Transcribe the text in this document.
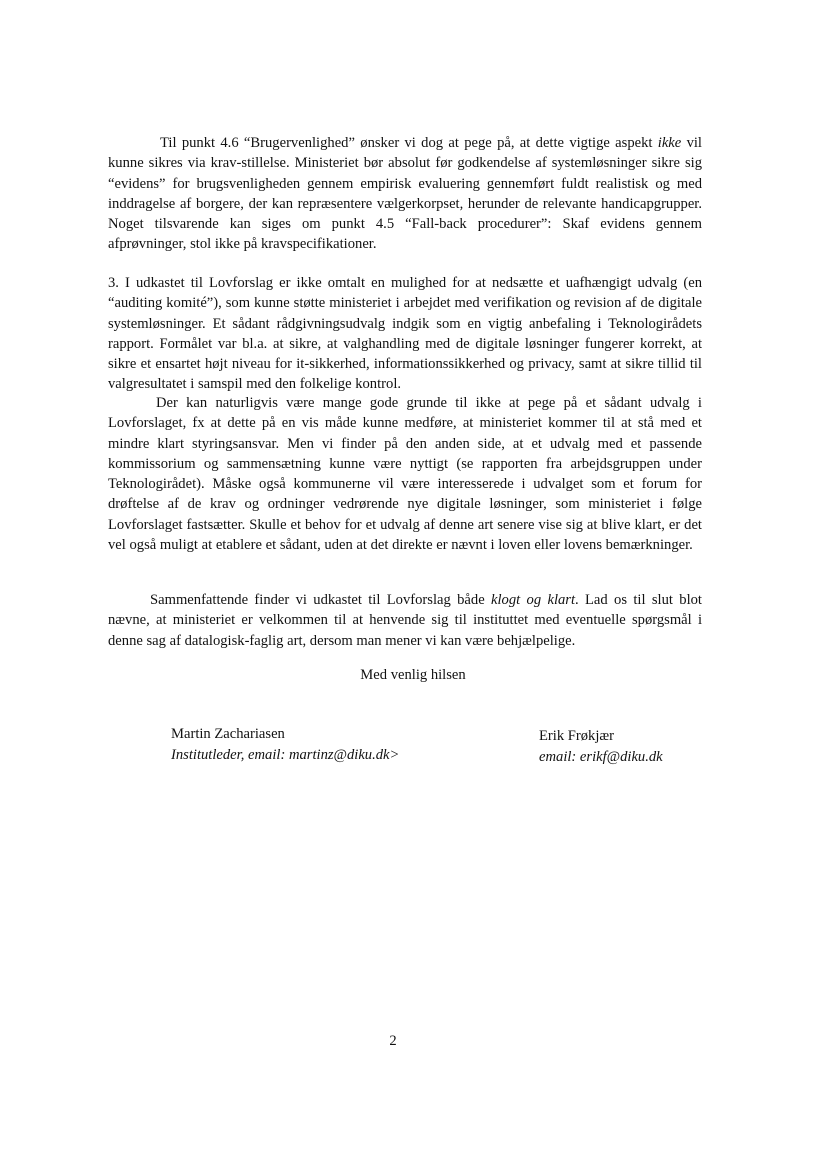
Til punkt 4.6 “Brugervenlighed” ønsker vi dog at pege på, at dette vigtige aspekt ikke vil kunne sikres via krav-stillelse. Ministeriet bør absolut før godkendelse af systemløsninger sikre sig “evidens” for brugsvenligheden gennem empirisk evaluering gennemført fuldt realistisk og med inddragelse af borgere, der kan repræsentere vælgerkorpset, herunder de relevante handicapgrupper. Noget tilsvarende kan siges om punkt 4.5 “Fall-back procedurer”: Skaf evidens gennem afprøvninger, stol ikke på kravspecifikationer.

3. I udkastet til Lovforslag er ikke omtalt en mulighed for at nedsætte et uafhængigt udvalg (en “auditing komité”), som kunne støtte ministeriet i arbejdet med verifikation og revision af de digitale systemløsninger. Et sådant rådgivningsudvalg indgik som en vigtig anbefaling i Teknologirådets rapport. Formålet var bl.a. at sikre, at valghandling med de digitale løsninger fungerer korrekt, at sikre et ensartet højt niveau for it-sikkerhed, informationssikkerhed og privacy, samt at sikre tillid til valgresultatet i samspil med den folkelige kontrol.

Der kan naturligvis være mange gode grunde til ikke at pege på et sådant udvalg i Lovforslaget, fx at dette på en vis måde kunne medføre, at ministeriet kommer til at stå med et mindre klart styringsansvar. Men vi finder på den anden side, at et udvalg med et passende kommissorium og sammensætning kunne være nyttigt (se rapporten fra arbejdsgruppen under Teknologirådet). Måske også kommunerne vil være interesserede i udvalget som et forum for drøftelse af de krav og ordninger vedrørende nye digitale løsninger, som ministeriet i følge Lovforslaget fastsætter. Skulle et behov for et udvalg af denne art senere vise sig at blive klart, er det vel også muligt at etablere et sådant, uden at det direkte er nævnt i loven eller lovens bemærkninger.

Sammenfattende finder vi udkastet til Lovforslag både klogt og klart. Lad os til slut blot nævne, at ministeriet er velkommen til at henvende sig til instituttet med eventuelle spørgsmål i denne sag af datalogisk-faglig art, dersom man mener vi kan være behjælpelige.

Med venlig hilsen
Martin Zachariasen
Institutleder, email: martinz@diku.dk>
Erik Frøkjær
email: erikf@diku.dk
2
